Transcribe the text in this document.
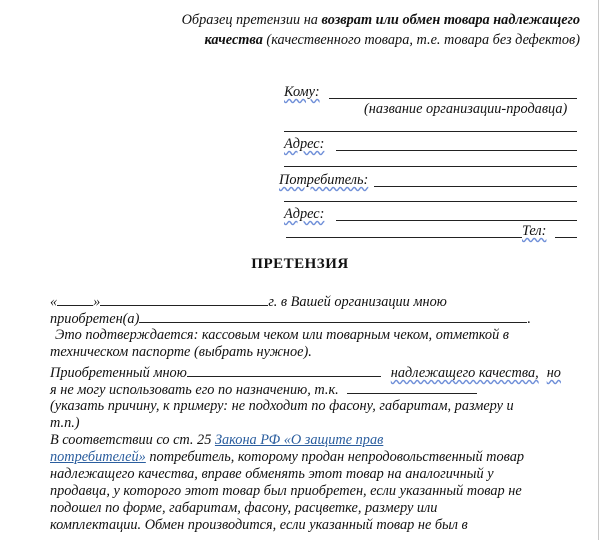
Образец претензии на возврат или обмен товара надлежащего
качества (качественного товара, т.е. товара без дефектов)
Кому:
(название организации-продавца)
Адрес:
Потребитель:
Адрес:
Тел:
ПРЕТЕНЗИЯ
«	»	г. в Вашей организации мною
приобретен(а)	.
Это подтверждается: кассовым чеком или товарным чеком, отметкой в
техническом паспорте (выбрать нужное).
Приобретенный мною	надлежащего качества, но
я не могу использовать его по назначению, т.к.
(указать причину, к примеру: не подходит по фасону, габаритам, размеру и
т.п.)
В соответствии со ст. 25 Закона РФ «О защите прав
потребителей» потребитель, которому продан непродовольственный товар
надлежащего качества, вправе обменять этот товар на аналогичный у
продавца, у которого этот товар был приобретен, если указанный товар не
подошел по форме, габаритам, фасону, расцветке, размеру или
комплектации. Обмен производится, если указанный товар не был в
